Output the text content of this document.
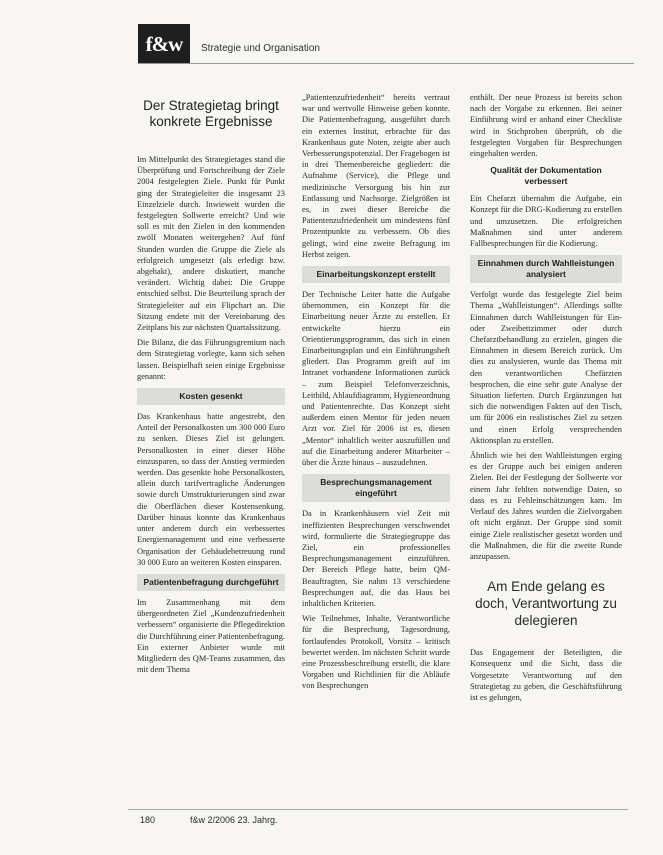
f&w	Strategie und Organisation
Der Strategietag bringt konkrete Ergebnisse

Im Mittelpunkt des Strategietages stand die Überprüfung und Fortschreibung der Ziele 2004 festgelegten Ziele. Punkt für Punkt ging der Strategieleiter die insgesamt 23 Einzelziele durch. Inwieweit wurden die festgelegten Sollwerte erreicht? Und wie soll es mit den Zielen in den kommenden zwölf Monaten weitergehen? Auf fünf Stunden wurden die Gruppe die Ziele als erfolgreich umgesetzt (als erledigt bzw. abgehakt), andere diskutiert, manche verändert. Wichtig dabei: Die Gruppe entschied selbst. Die Beurteilung sprach der Strategieleiter auf ein Flipchart an. Die Sitzung endete mit der Vereinbarung des Zeitplans bis zur nächsten Quartalssitzung.

Die Bilanz, die das Führungsgremium nach dem Strategietag vorlegte, kann sich sehen lassen. Beispielhaft seien einige Ergebnisse genannt:

Kosten gesenkt

Das Krankenhaus hatte angestrebt, den Anteil der Personalkosten um 300 000 Euro zu senken. Dieses Ziel ist gelungen. Personalkosten in einer dieser Höhe einzusparen, so dass der Anstieg vermieden werden. Das gesenkte hohe Personalkosten, allein durch tarifvertragliche Änderungen sowie durch Umstrukturierungen sind zwar die Oberflächen dieser Kostensenkung. Darüber hinaus konnte das Krankenhaus unter anderem durch ein verbessertes Energiemanagement und eine verbesserte Organisation der Gebäudebetreuung rund 30 000 Euro an weiteren Kosten einsparen.

Patientenbefragung durchgeführt

Im Zusammenhang mit dem übergeordneten Ziel „Kundenzufriedenheit verbessern“ organisierte die Pflegedirektion die Durchführung einer Patientenbefragung. Ein externer Anbieter wurde mit Mitgliedern des QM-Teams zusammen, das mit dem Thema

„Patientenzufriedenheit“ bereits vertraut war und wertvolle Hinweise geben konnte. Die Patientenbefragung, ausgeführt durch ein externes Institut, erbrachte für das Krankenhaus gute Noten, zeigte aber auch Verbesserungspotenzial. Der Fragebogen ist in drei Themenbereiche gegliedert: die Aufnahme (Service), die Pflege und medizinische Versorgung bis hin zur Entlassung und Nachsorge. Zielgrößen ist es, in zwei dieser Bereiche die Patientenzufriedenheit um mindestens fünf Prozentpunkte zu verbessern. Ob dies gelingt, wird eine zweite Befragung im Herbst zeigen.

Einarbeitungskonzept erstellt

Der Technische Leiter hatte die Aufgabe übernommen, ein Konzept für die Einarbeitung neuer Ärzte zu erstellen. Er entwickelte hierzu ein Orientierungsprogramm, das sich in einen Einarbeitungsplan und ein Einführungsheft gliedert. Das Programm greift auf im Intranet vorhandene Informationen zurück – zum Beispiel Telefonverzeichnis, Leitbild, Ablaufdiagramm, Hygieneordnung und Patientenrechte. Das Konzept sieht außerdem einen Mentor für jeden neuen Arzt vor. Ziel für 2006 ist es, diesen „Mentor“ inhaltlich weiter auszufüllen und auf die Einarbeitung anderer Mitarbeiter – über die Ärzte hinaus – auszudehnen.

Besprechungsmanagement eingeführt

Da in Krankenhäusern viel Zeit mit ineffizienten Besprechungen verschwendet wird, formulierte die Strategiegruppe das Ziel, ein professionelles Besprechungsmanagement einzuführen. Der Bereich Pflege hatte, beim QM-Beauftragten, Sie nahm 13 verschiedene Besprechungen auf, die das Haus bei inhaltlichen Kriterien.

Wie Teilnehmer, Inhalte, Verantwortliche für die Besprechung, Tagesordnung, fortlaufendes Protokoll, Vorsitz – kritisch bewertet werden. Im nächsten Schritt wurde eine Prozessbeschreibung erstellt, die klare Vorgaben und Richtlinien für die Abläufe von Besprechungen

enthält. Der neue Prozess ist bereits schon nach der Vorgabe zu erkennen. Bei seiner Einführung wird er anhand einer Checkliste wird in Stichproben überprüft, ob die festgelegten Vorgaben für Besprechungen eingehalten werden.

Qualität der Dokumentation verbessert

Ein Chefarzt übernahm die Aufgabe, ein Konzept für die DRG-Kodierung zu erstellen und umzusetzen. Die erfolgreichen Maßnahmen sind unter anderem Fallbesprechungen für die Kodierung.

Einnahmen durch Wahlleistungen analysiert

Verfolgt wurde das festgelegte Ziel beim Thema „Wahlleistungen“. Allerdings sollte Einnahmen durch Wahlleistungen für Ein- oder Zweibettzimmer oder durch Chefarztbehandlung zu erzielen, gingen die Einnahmen in diesem Bereich zurück. Um dies zu analysieren, wurde das Thema mit den verantwortlichen Chefärzten besprochen, die eine sehr gute Analyse der Situation lieferten. Durch Ergänzungen hat sich die notwendigen Fakten auf den Tisch, um für 2006 ein realistisches Ziel zu setzen und einen Erfolg versprechenden Aktionsplan zu erstellen.

Ähnlich wie bei den Wahlleistungen erging es der Gruppe auch bei einigen anderen Zielen. Bei der Festlegung der Sollwerte vor einem Jahr fehlten notwendige Daten, so dass es zu Fehleinschätzungen kam. Im Verlauf des Jahres wurden die Zielvorgaben oft nicht ergänzt. Der Gruppe sind somit einige Ziele realistischer gesetzt worden und die Maßnahmen, die für die zweite Runde anzupassen.

Am Ende gelang es doch, Verantwortung zu delegieren

Das Engagement der Beteiligten, die Konsequenz und die Sicht, dass die Vorgesetzte Verantwortung auf den Strategietag zu geben, die Geschäftsführung ist es gelungen,

180	f&w 2/2006 23. Jahrg.
